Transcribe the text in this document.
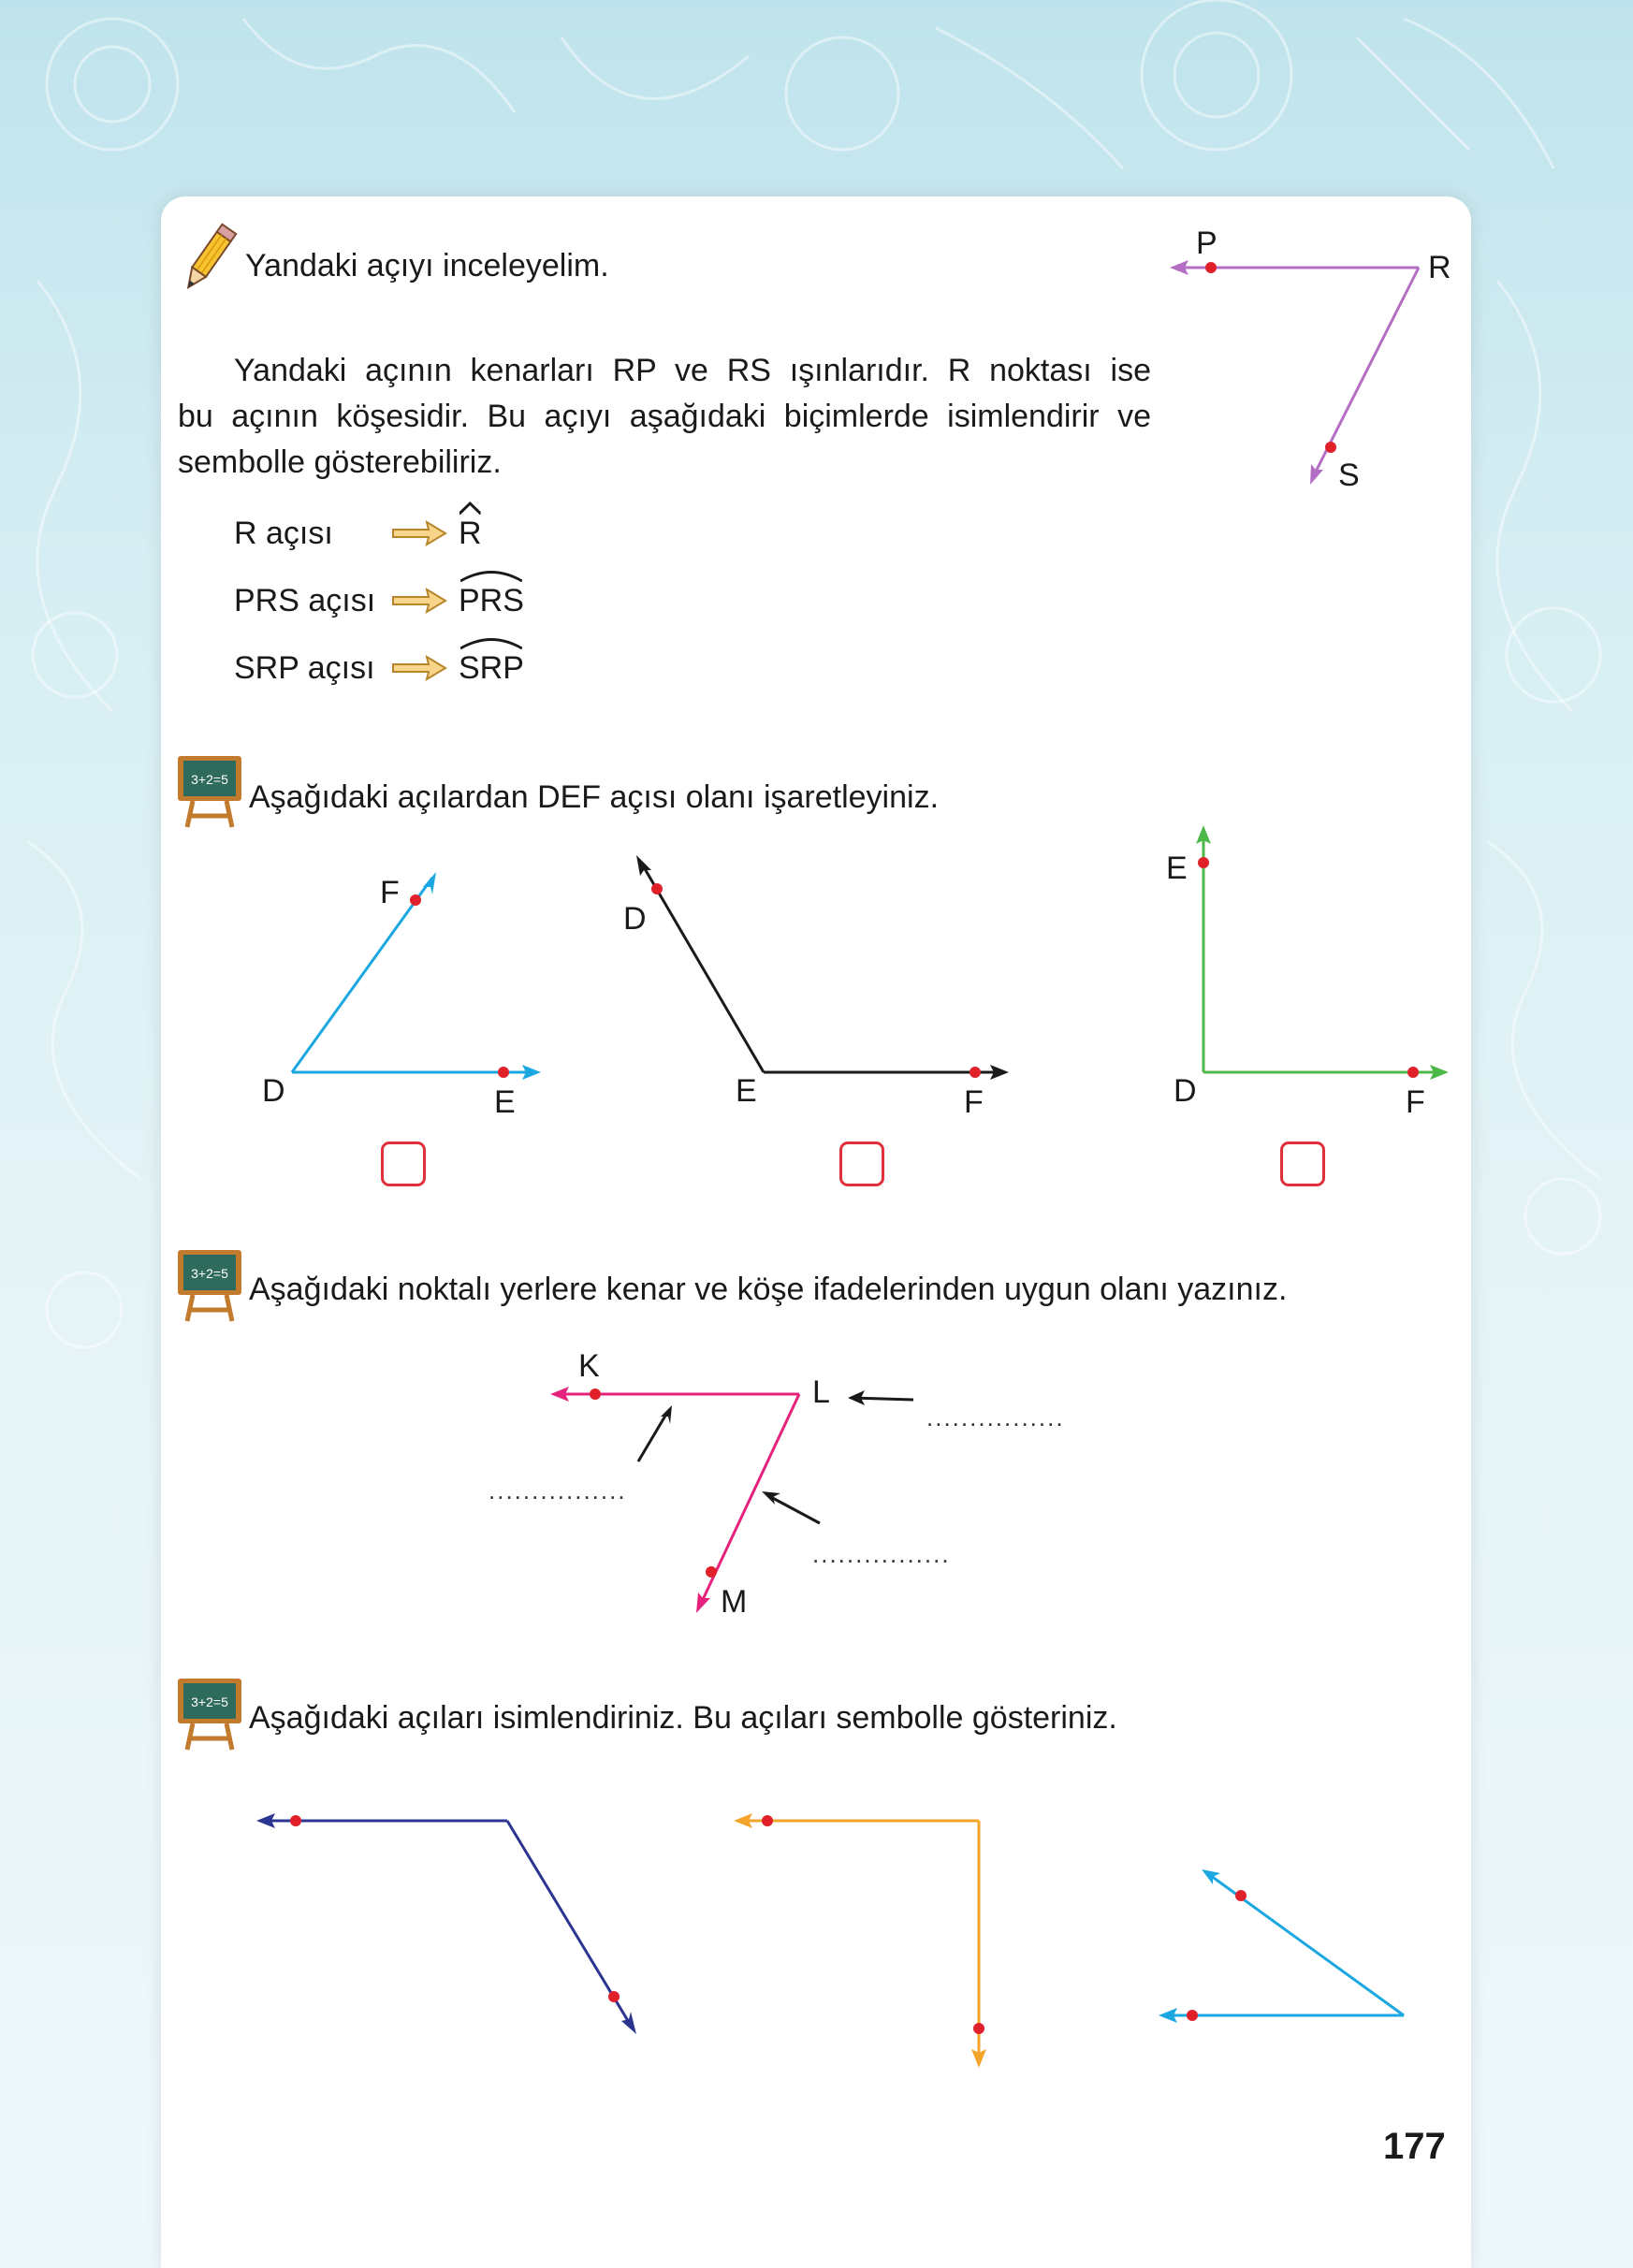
Yandaki açıyı inceleyelim.
P
R
S
Yandaki açının kenarları RP ve RS ışınlarıdır. R noktası ise
bu açının köşesidir. Bu açıyı aşağıdaki biçimlerde isimlendirir ve
sembolle gösterebiliriz.
R açısı	R
PRS açısı	PRS
SRP açısı	SRP
3+2=5 Aşağıdaki açılardan DEF açısı olanı işaretleyiniz.
F
D	E
D
E	F
E
D	F
3+2=5 Aşağıdaki noktalı yerlere kenar ve köşe ifadelerinden uygun olanı yazınız.
K
L
M
................
................
................
3+2=5 Aşağıdaki açıları isimlendiriniz. Bu açıları sembolle gösteriniz.
177
